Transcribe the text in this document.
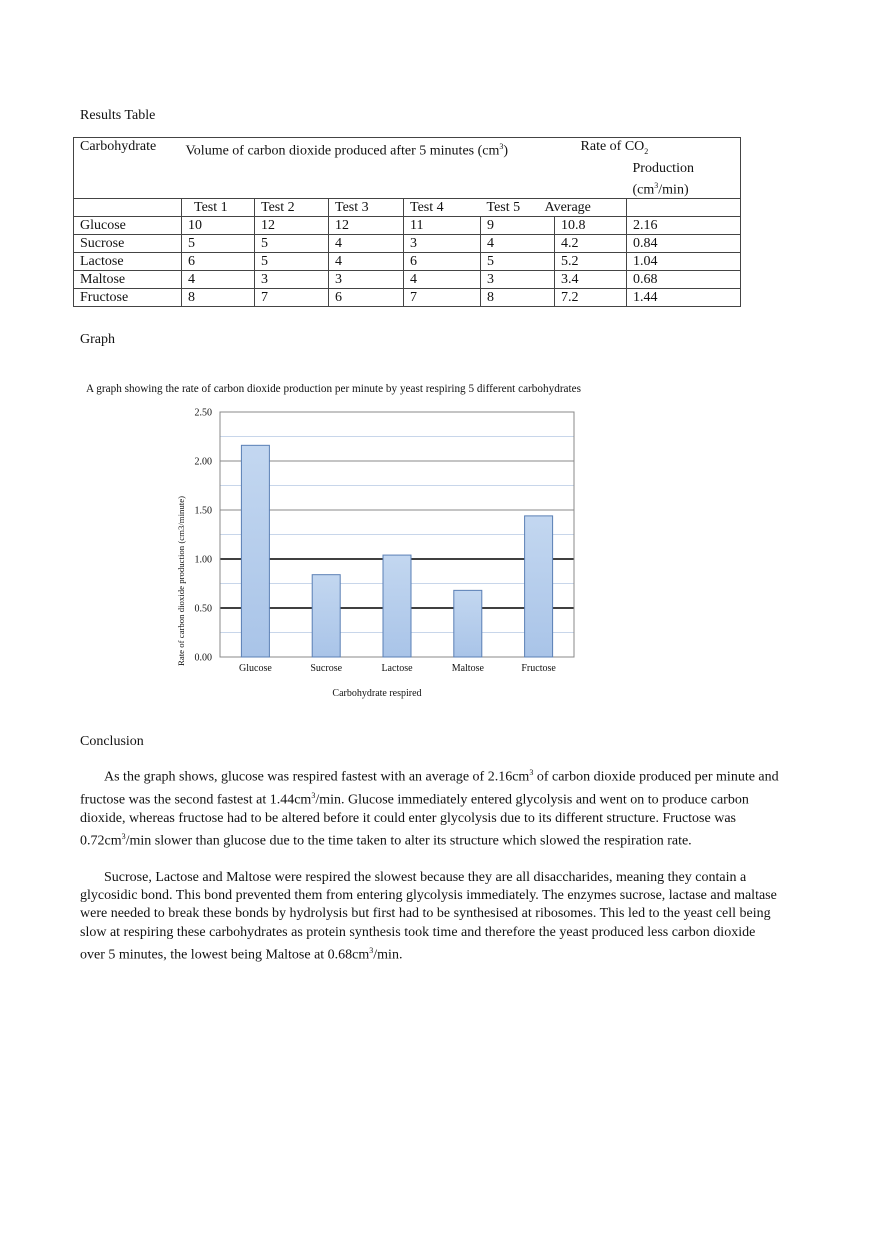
Results Table
Carbohydrate	Volume of carbon dioxide produced after 5 minutes $(cm^3)$						Rate of $CO_2$
Production
$(cm^3/\min)$

	Test 1	Test 2	Test 3	Test 4	Test 5	Average	
Glucose	10	12	12	11	9	10.8	2.16
Sucrose	5	5	4	3	4	4.2	0.84
Lactose	6	5	4	6	5	5.2	1.04
Maltose	4	3	3	4	3	3.4	0.68
Fructose	8	7	6	7	8	7.2	1.44
Graph
A graph showing the rate of carbon dioxide production per minute by yeast respiring 5 different carbohydrates
0.00
0.50
1.00
1.50
2.00
2.50
Glucose	Sucrose	Lactose	Maltose	Fructose
Carbohydrate respired
Rate of carbon dioxide production (cm3/minute)
Conclusion
As the graph shows, glucose was respired fastest with an average of $2.16cm^3$ of carbon dioxide produced per minute and fructose was the second fastest at $1.44cm^3/\min$. Glucose immediately entered glycolysis and went on to produce carbon dioxide, whereas fructose had to be altered before it could enter glycolysis due to its different structure. Fructose was $0.72cm^3/\min$ slower than glucose due to the time taken to alter its structure which slowed the respiration rate.
Sucrose, Lactose and Maltose were respired the slowest because they are all disaccharides, meaning they contain a glycosidic bond. This bond prevented them from entering glycolysis immediately. The enzymes sucrose, lactase and maltase were needed to break these bonds by hydrolysis but first had to be synthesised at ribosomes. This led to the yeast cell being slow at respiring these carbohydrates as protein synthesis took time and therefore the yeast produced less carbon dioxide over 5 minutes, the lowest being Maltose at $0.68cm^3/\min$.
